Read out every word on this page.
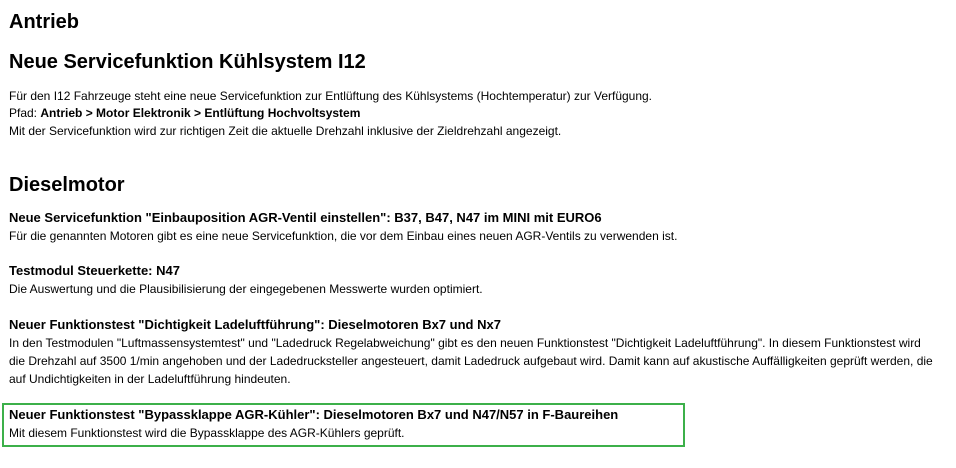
Antrieb
Neue Servicefunktion Kühlsystem I12

Für den I12 Fahrzeuge steht eine neue Servicefunktion zur Entlüftung des Kühlsystems (Hochtemperatur) zur Verfügung.

Pfad: Antrieb > Motor Elektronik > Entlüftung Hochvoltsystem

Mit der Servicefunktion wird zur richtigen Zeit die aktuelle Drehzahl inklusive der Zieldrehzahl angezeigt.

Dieselmotor

Neue Servicefunktion "Einbauposition AGR-Ventil einstellen": B37, B47, N47 im MINI mit EURO6

Für die genannten Motoren gibt es eine neue Servicefunktion, die vor dem Einbau eines neuen AGR-Ventils zu verwenden ist.

Testmodul Steuerkette: N47

Die Auswertung und die Plausibilisierung der eingegebenen Messwerte wurden optimiert.

Neuer Funktionstest "Dichtigkeit Ladeluftführung": Dieselmotoren Bx7 und Nx7

In den Testmodulen "Luftmassensystemtest" und "Ladedruck Regelabweichung" gibt es den neuen Funktionstest "Dichtigkeit Ladeluftführung". In diesem Funktionstest wird die Drehzahl auf 3500 1/min angehoben und der Ladedrucksteller angesteuert, damit Ladedruck aufgebaut wird. Damit kann auf akustische Auffälligkeiten geprüft werden, die auf Undichtigkeiten in der Ladeluftführung hindeuten.

Neuer Funktionstest "Bypassklappe AGR-Kühler": Dieselmotoren Bx7 und N47/N57 in F-Baureihen

Mit diesem Funktionstest wird die Bypassklappe des AGR-Kühlers geprüft.
